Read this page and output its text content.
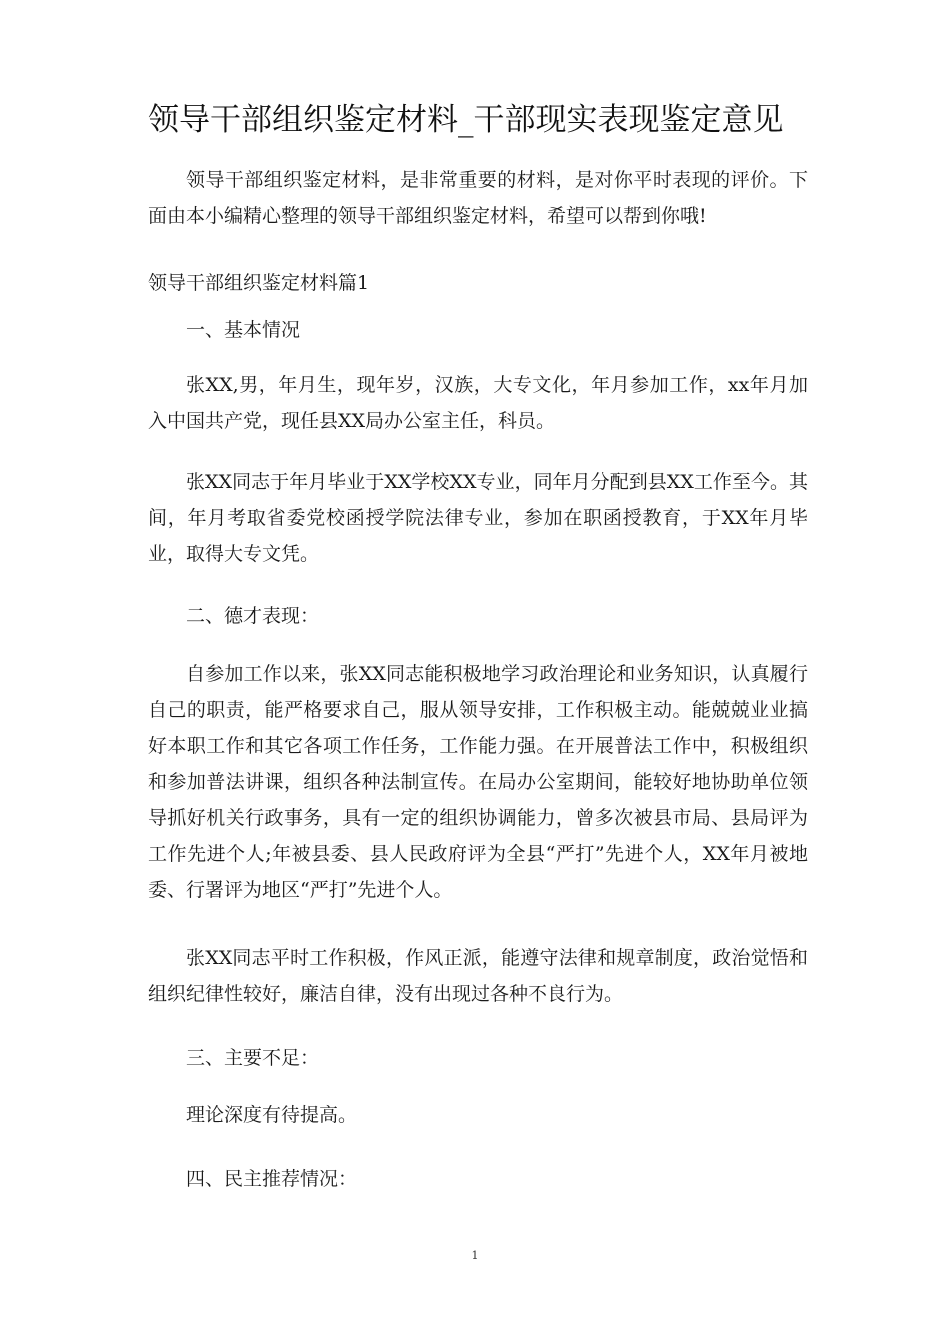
领导干部组织鉴定材料_干部现实表现鉴定意见

领导干部组织鉴定材料，是非常重要的材料，是对你平时表现的评价。下面由本小编精心整理的领导干部组织鉴定材料，希望可以帮到你哦!

领导干部组织鉴定材料篇1

一、基本情况

张XX,男，年月生，现年岁，汉族，大专文化，年月参加工作，xx年月加入中国共产党，现任县XX局办公室主任，科员。

张XX同志于年月毕业于XX学校XX专业，同年月分配到县XX工作至今。其间，年月考取省委党校函授学院法律专业，参加在职函授教育，于XX年月毕业，取得大专文凭。

二、德才表现：

自参加工作以来，张XX同志能积极地学习政治理论和业务知识，认真履行自己的职责，能严格要求自己，服从领导安排，工作积极主动。能兢兢业业搞好本职工作和其它各项工作任务，工作能力强。在开展普法工作中，积极组织和参加普法讲课，组织各种法制宣传。在局办公室期间，能较好地协助单位领导抓好机关行政事务，具有一定的组织协调能力，曾多次被县市局、县局评为工作先进个人;年被县委、县人民政府评为全县“严打”先进个人，XX年月被地委、行署评为地区“严打”先进个人。

张XX同志平时工作积极，作风正派，能遵守法律和规章制度，政治觉悟和组织纪律性较好，廉洁自律，没有出现过各种不良行为。

三、主要不足：

理论深度有待提高。

四、民主推荐情况：

1
